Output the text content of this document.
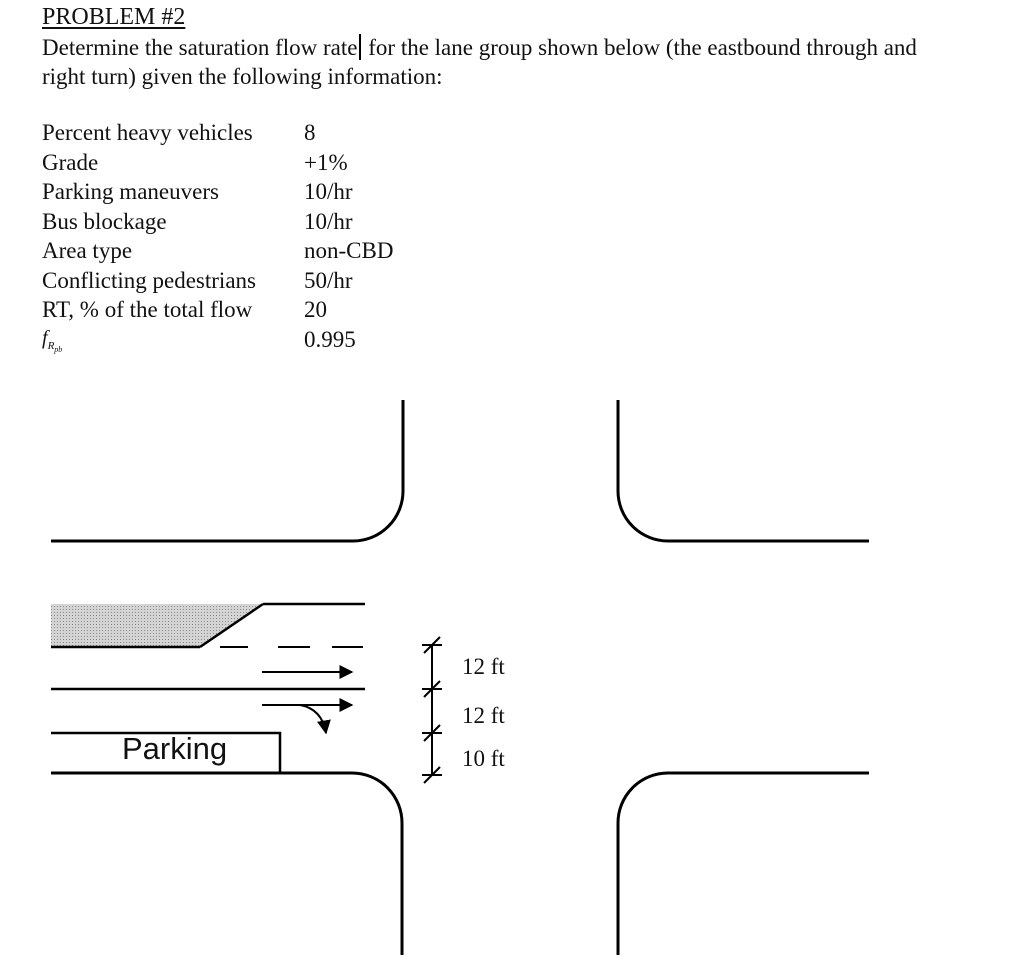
PROBLEM #2

Determine the saturation flow rate for the lane group shown below (the eastbound through and right turn) given the following information:

Percent heavy vehicles 8
Grade	+1%
Parking maneuvers	10/hr
Bus blockage	10/hr
Area type	non-CBD
Conflicting pedestrians 50/hr
RT, % of the total flow 20
$f_{R_{pb}}$	0.995
Parking
12 ft
12 ft
10 ft
